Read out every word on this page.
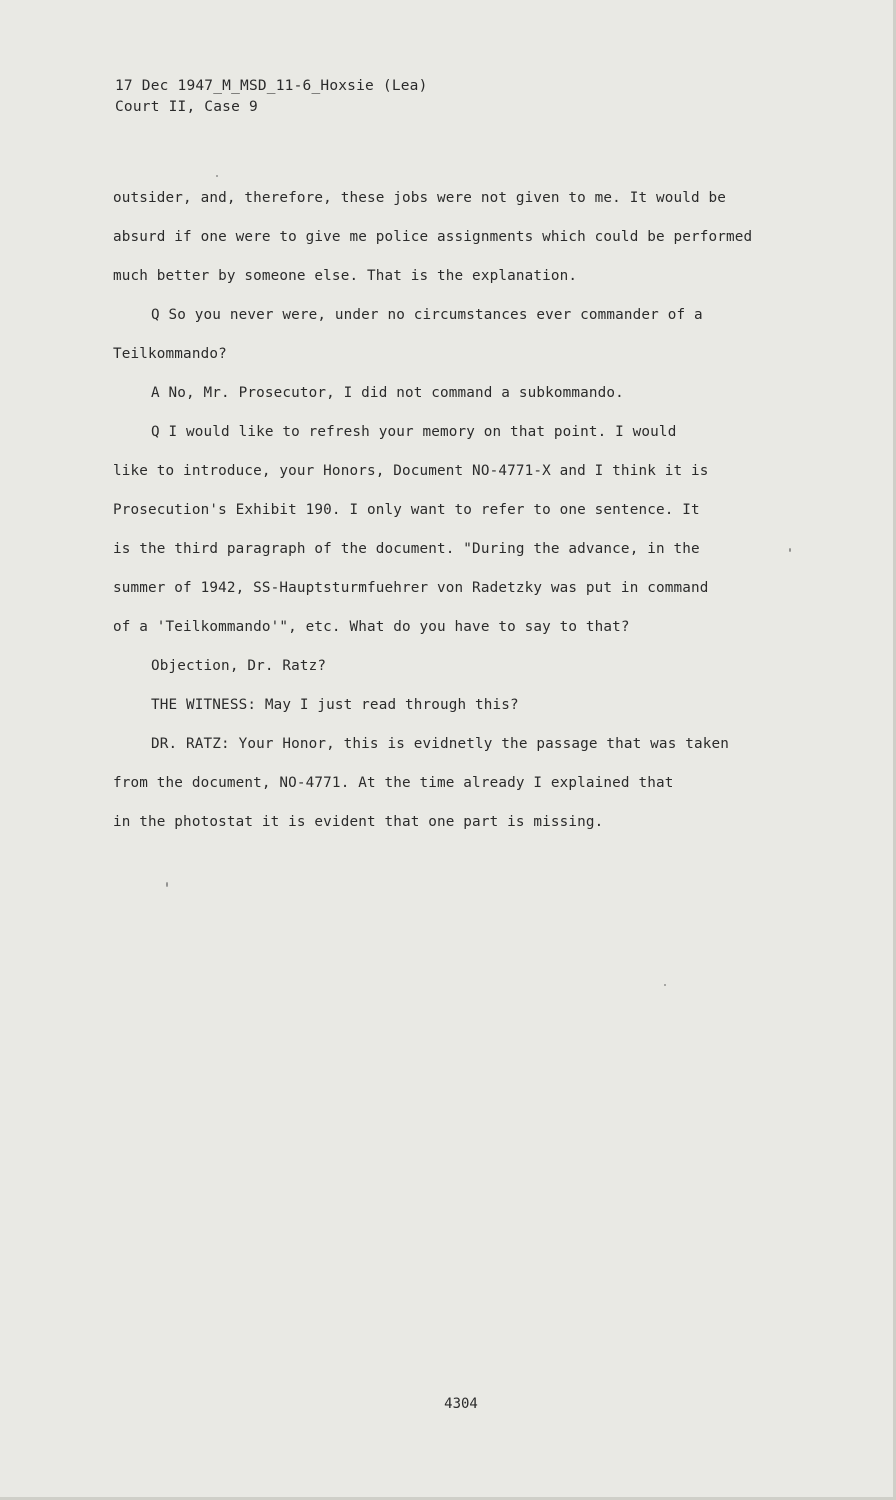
17 Dec 1947_M_MSD_11-6_Hoxsie (Lea)
Court II, Case 9
outsider, and, therefore, these jobs were not given to me. It would be
absurd if one were to give me police assignments which could be performed
much better by someone else. That is the explanation.
Q So you never were, under no circumstances ever commander of a
Teilkommando?
A No, Mr. Prosecutor, I did not command a subkommando.
Q I would like to refresh your memory on that point. I would
like to introduce, your Honors, Document NO-4771-X and I think it is
Prosecution's Exhibit 190. I only want to refer to one sentence. It
is the third paragraph of the document. "During the advance, in the
summer of 1942, SS-Hauptsturmfuehrer von Radetzky was put in command
of a 'Teilkommando'", etc. What do you have to say to that?
Objection, Dr. Ratz?
THE WITNESS: May I just read through this?
DR. RATZ: Your Honor, this is evidnetly the passage that was taken
from the document, NO-4771. At the time already I explained that
in the photostat it is evident that one part is missing.
4304
